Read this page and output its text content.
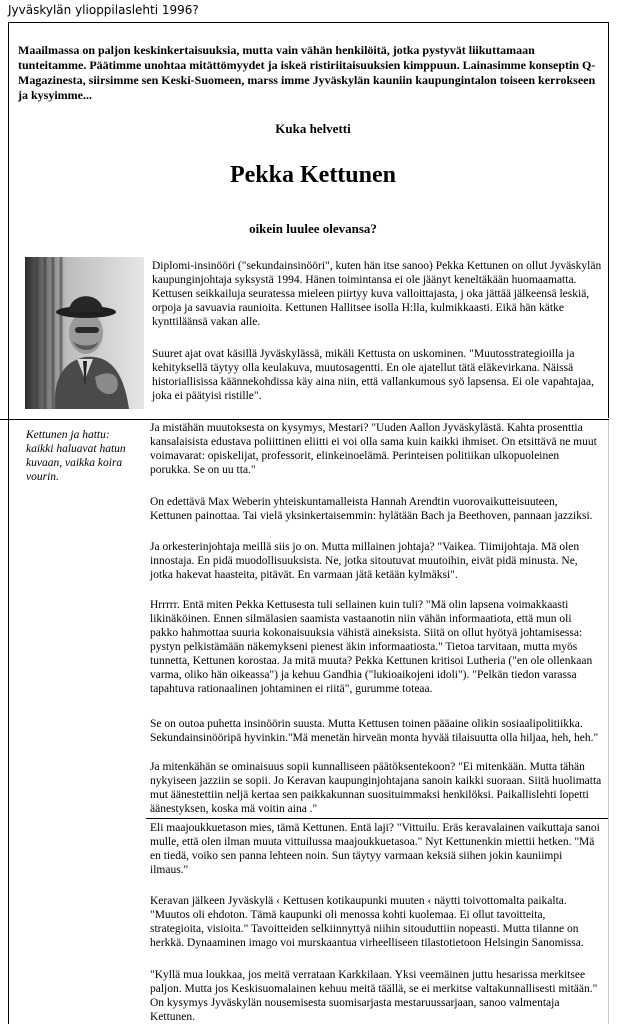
Jyväskylän ylioppilaslehti 1996?
Maailmassa on paljon keskinkertaisuuksia, mutta vain vähän henkilöitä, jotka pystyvät liikuttamaan tunteitamme. Päätimme unohtaa mitättömyydet ja iskeä ristiriitaisuuksien kimppuun. Lainasimme konseptin Q-Magazinesta, siirsimme sen Keski-Suomeen, marss imme Jyväskylän kauniin kaupungintalon toiseen kerrokseen ja kysyimme...
Kuka helvetti
Pekka Kettunen
oikein luulee olevansa?
Diplomi-insinööri ("sekundainsinööri", kuten hän itse sanoo) Pekka Kettunen on ollut Jyväskylän kaupunginjohtaja syksystä 1994. Hänen toimintansa ei ole jäänyt keneltäkään huomaamatta. Kettusen seikkailuja seuratessa mieleen piirtyy kuva valloittajasta, j oka jättää jälkeensä leskiä, orpoja ja savuavia raunioita. Kettunen Hallitsee isolla H:lla, kulmikkaasti. Eikä hän kätke kynttiläänsä vakan alle.
Suuret ajat ovat käsillä Jyväskylässä, mikäli Kettusta on uskominen. "Muutosstrategioilla ja kehityksellä täytyy olla keulakuva, muutosagentti. En ole ajatellut tätä eläkevirkana. Näissä historiallisissa käännekohdissa käy aina niin, että vallankumous syö lapsensa. Ei ole vapahtajaa, joka ei päätyisi ristille".
Kettunen ja hattu: kaikki haluavat hatun kuvaan, vaikka koira vourin.
Ja mistähän muutoksesta on kysymys, Mestari? "Uuden Aallon Jyväskylästä. Kahta prosenttia kansalaisista edustava poliittinen eliitti ei voi olla sama kuin kaikki ihmiset. On etsittävä ne muut voimavarat: opiskelijat, professorit, elinkeinoelämä. Perinteisen politiikan ulkopuoleinen porukka. Se on uu tta."
On edettävä Max Weberin yhteiskuntamalleista Hannah Arendtin vuorovaikutteisuuteen, Kettunen painottaa. Tai vielä yksinkertaisemmin: hylätään Bach ja Beethoven, pannaan jazziksi.
Ja orkesterinjohtaja meillä siis jo on. Mutta millainen johtaja? "Vaikea. Tiimijohtaja. Mä olen innostaja. En pidä muodollisuuksista. Ne, jotka sitoutuvat muutoihin, eivät pidä minusta. Ne, jotka hakevat haasteita, pitävät. En varmaan jätä ketään kylmäksi".
Hrrrrr. Entä miten Pekka Kettusesta tuli sellainen kuin tuli? "Mä olin lapsena voimakkaasti likinäköinen. Ennen silmälasien saamista vastaanotin niin vähän informaatiota, että mun oli pakko hahmottaa suuria kokonaisuuksia vähistä aineksista. Siitä on ollut hyötyä johtamisessa: pystyn pelkistämään näkemykseni pienest äkin informaatiosta." Tietoa tarvitaan, mutta myös tunnetta, Kettunen korostaa. Ja mitä muuta? Pekka Kettunen kritisoi Lutheria ("en ole ollenkaan varma, oliko hän oikeassa") ja kehuu Gandhia ("lukioaikojeni idoli"). "Pelkän tiedon varassa tapahtuva rationaalinen johtaminen ei riitä", gurumme toteaa.
Se on outoa puhetta insinöörin suusta. Mutta Kettusen toinen pääaine olikin sosiaalipolitiikka. Sekundainsinööripä hyvinkin."Mä menetän hirveän monta hyvää tilaisuutta olla hiljaa, heh, heh."
Ja mitenkähän se ominaisuus sopii kunnalliseen päätöksentekoon? "Ei mitenkään. Mutta tähän nykyiseen jazziin se sopii. Jo Keravan kaupunginjohtajana sanoin kaikki suoraan. Siitä huolimatta mut äänestettiin neljä kertaa sen paikkakunnan suosituimmaksi henkilöksi. Paikallislehti lopetti äänestyksen, koska mä voitin aina ."
Eli maajoukkuetason mies, tämä Kettunen. Entä laji? "Vittuilu. Eräs keravalainen vaikuttaja sanoi mulle, että olen ilman muuta vittuilussa maajoukkuetasoa." Nyt Kettunenkin miettii hetken. "Mä en tiedä, voiko sen panna lehteen noin. Sun täytyy varmaan keksiä siihen jokin kauniimpi ilmaus."
Keravan jälkeen Jyväskylä ‹ Kettusen kotikaupunki muuten ‹ näytti toivottomalta paikalta. "Muutos oli ehdoton. Tämä kaupunki oli menossa kohti kuolemaa. Ei ollut tavoitteita, strategioita, visioita." Tavoitteiden selkiinnyttyä niihin sitouduttiin nopeasti. Mutta tilanne on herkkä. Dynaaminen imago voi murskaantua virheelliseen tilastotietoon Helsingin Sanomissa.
"Kyllä mua loukkaa, jos meitä verrataan Karkkilaan. Yksi veemäinen juttu hesarissa merkitsee paljon. Mutta jos Keskisuomalainen kehuu meitä täällä, se ei merkitse valtakunnallisesti mitään." On kysymys Jyväskylän nousemisesta suomisarjasta mestaruussarjaan, sanoo valmentaja Kettunen.
